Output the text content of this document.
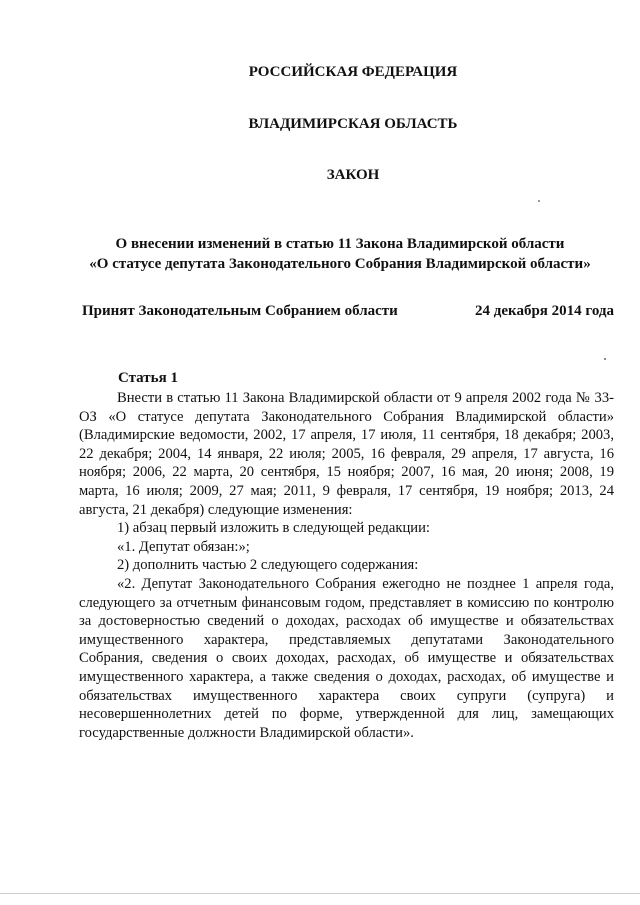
РОССИЙСКАЯ ФЕДЕРАЦИЯ
ВЛАДИМИРСКАЯ ОБЛАСТЬ
ЗАКОН
О внесении изменений в статью 11 Закона Владимирской области
«О статусе депутата Законодательного Собрания Владимирской области»
Принят Законодательным Собранием области	24 декабря 2014 года
Статья 1

Внести в статью 11 Закона Владимирской области от 9 апреля 2002 года № 33-ОЗ «О статусе депутата Законодательного Собрания Владимирской области» (Владимирские ведомости, 2002, 17 апреля, 17 июля, 11 сентября, 18 декабря; 2003, 22 декабря; 2004, 14 января, 22 июля; 2005, 16 февраля, 29 апреля, 17 августа, 16 ноября; 2006, 22 марта, 20 сентября, 15 ноября; 2007, 16 мая, 20 июня; 2008, 19 марта, 16 июля; 2009, 27 мая; 2011, 9 февраля, 17 сентября, 19 ноября; 2013, 24 августа, 21 декабря) следующие изменения:

1) абзац первый изложить в следующей редакции:

«1. Депутат обязан:»;

2) дополнить частью 2 следующего содержания:

«2. Депутат Законодательного Собрания ежегодно не позднее 1 апреля года, следующего за отчетным финансовым годом, представляет в комиссию по контролю за достоверностью сведений о доходах, расходах об имуществе и обязательствах имущественного характера, представляемых депутатами Законодательного Собрания, сведения о своих доходах, расходах, об имуществе и обязательствах имущественного характера, а также сведения о доходах, расходах, об имуществе и обязательствах имущественного характера своих супруги (супруга) и несовершеннолетних детей по форме, утвержденной для лиц, замещающих государственные должности Владимирской области».
